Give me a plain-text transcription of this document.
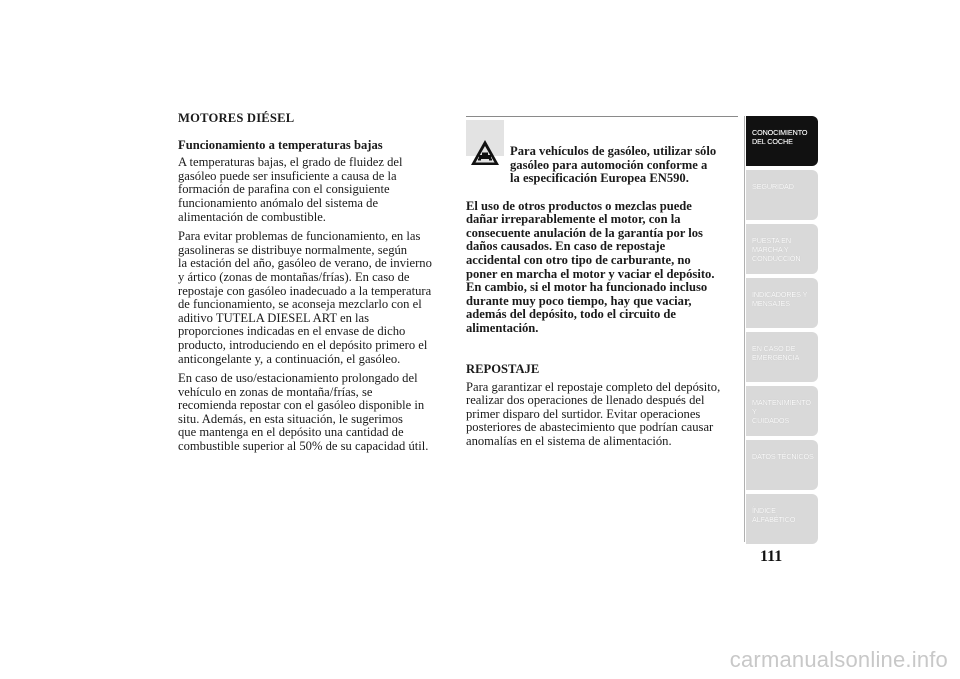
MOTORES DIÉSEL

Funcionamiento a temperaturas bajas

A temperaturas bajas, el grado de fluidez del
gasóleo puede ser insuficiente a causa de la
formación de parafina con el consiguiente
funcionamiento anómalo del sistema de
alimentación de combustible.

Para evitar problemas de funcionamiento, en las
gasolineras se distribuye normalmente, según
la estación del año, gasóleo de verano, de invierno
y ártico (zonas de montañas/frías). En caso de
repostaje con gasóleo inadecuado a la temperatura
de funcionamiento, se aconseja mezclarlo con el
aditivo TUTELA DIESEL ART en las
proporciones indicadas en el envase de dicho
producto, introduciendo en el depósito primero el
anticongelante y, a continuación, el gasóleo.

En caso de uso/estacionamiento prolongado del
vehículo en zonas de montaña/frías, se
recomienda repostar con el gasóleo disponible in
situ. Además, en esta situación, le sugerimos
que mantenga en el depósito una cantidad de
combustible superior al 50% de su capacidad útil.

Para vehículos de gasóleo, utilizar sólo
gasóleo para automoción conforme a
la especificación Europea EN590.

El uso de otros productos o mezclas puede
dañar irreparablemente el motor, con la
consecuente anulación de la garantía por los
daños causados. En caso de repostaje
accidental con otro tipo de carburante, no
poner en marcha el motor y vaciar el depósito.
En cambio, si el motor ha funcionado incluso
durante muy poco tiempo, hay que vaciar,
además del depósito, todo el circuito de
alimentación.

REPOSTAJE

Para garantizar el repostaje completo del depósito,
realizar dos operaciones de llenado después del
primer disparo del surtidor. Evitar operaciones
posteriores de abastecimiento que podrían causar
anomalías en el sistema de alimentación.

CONOCIMIENTO
DEL COCHE
SEGURIDAD
PUESTA EN
MARCHA Y
CONDUCCIÓN
INDICADORES Y
MENSAJES
EN CASO DE
EMERGENCIA
MANTENIMIENTO Y
CUIDADOS
DATOS TÉCNICOS
ÍNDICE
ALFABÉTICO
111
carmanualsonline.info
